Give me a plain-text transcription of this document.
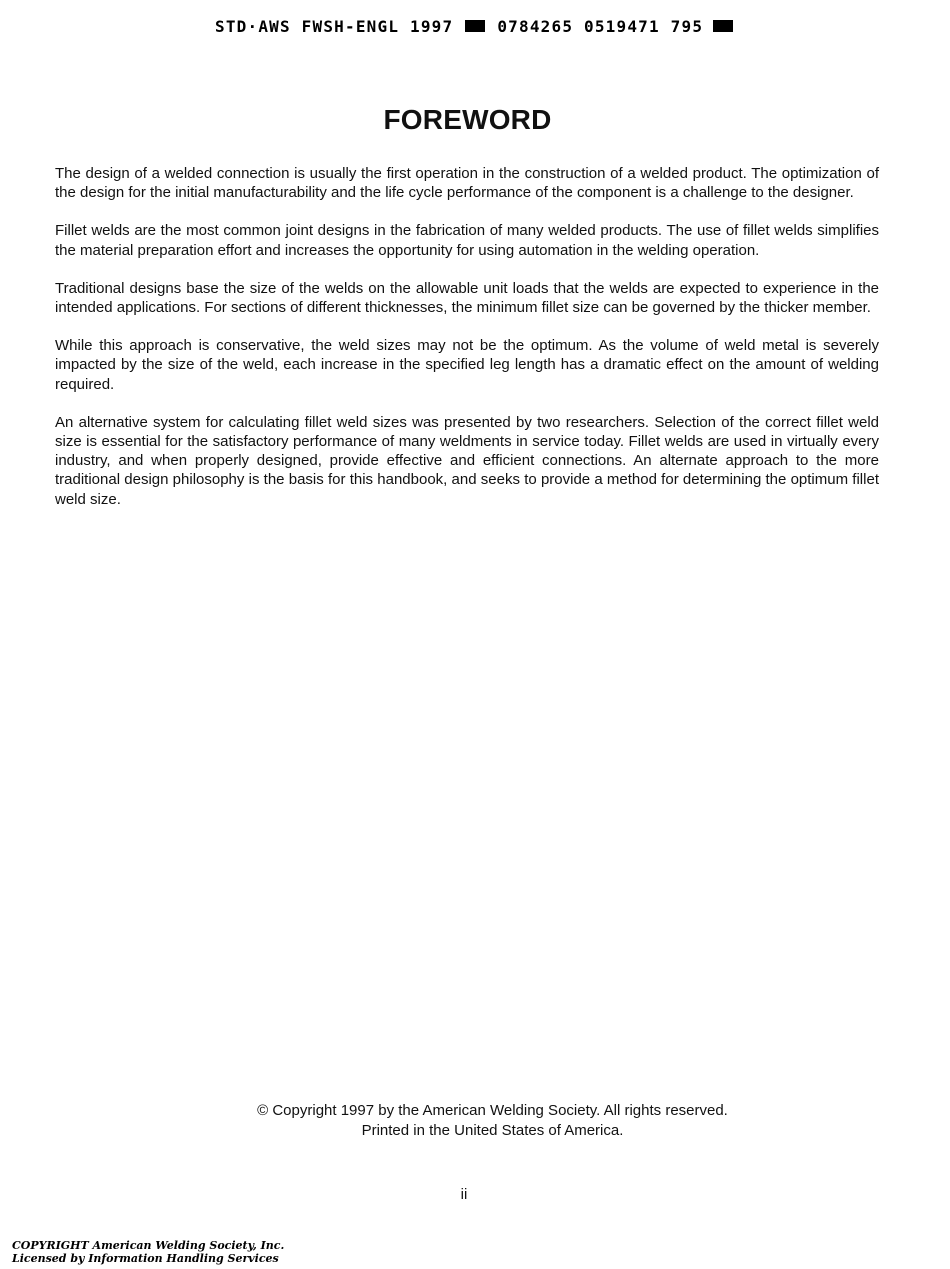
STD·AWS FWSH-ENGL 1997	0784265 0519471 795
FOREWORD

The design of a welded connection is usually the first operation in the construction of a welded product. The optimization of the design for the initial manufacturability and the life cycle performance of the component is a challenge to the designer.

Fillet welds are the most common joint designs in the fabrication of many welded products. The use of fillet welds simplifies the material preparation effort and increases the opportunity for using automation in the welding operation.

Traditional designs base the size of the welds on the allowable unit loads that the welds are expected to experience in the intended applications. For sections of different thicknesses, the minimum fillet size can be governed by the thicker member.

While this approach is conservative, the weld sizes may not be the optimum. As the volume of weld metal is severely impacted by the size of the weld, each increase in the specified leg length has a dramatic effect on the amount of welding required.

An alternative system for calculating fillet weld sizes was presented by two researchers. Selection of the correct fillet weld size is essential for the satisfactory performance of many weldments in service today. Fillet welds are used in virtually every industry, and when properly designed, provide effective and efficient connections. An alternate approach to the more traditional design philosophy is the basis for this handbook, and seeks to provide a method for determining the optimum fillet weld size.

© Copyright 1997 by the American Welding Society. All rights reserved.
Printed in the United States of America.
ii
COPYRIGHT American Welding Society, Inc.
Licensed by Information Handling Services
